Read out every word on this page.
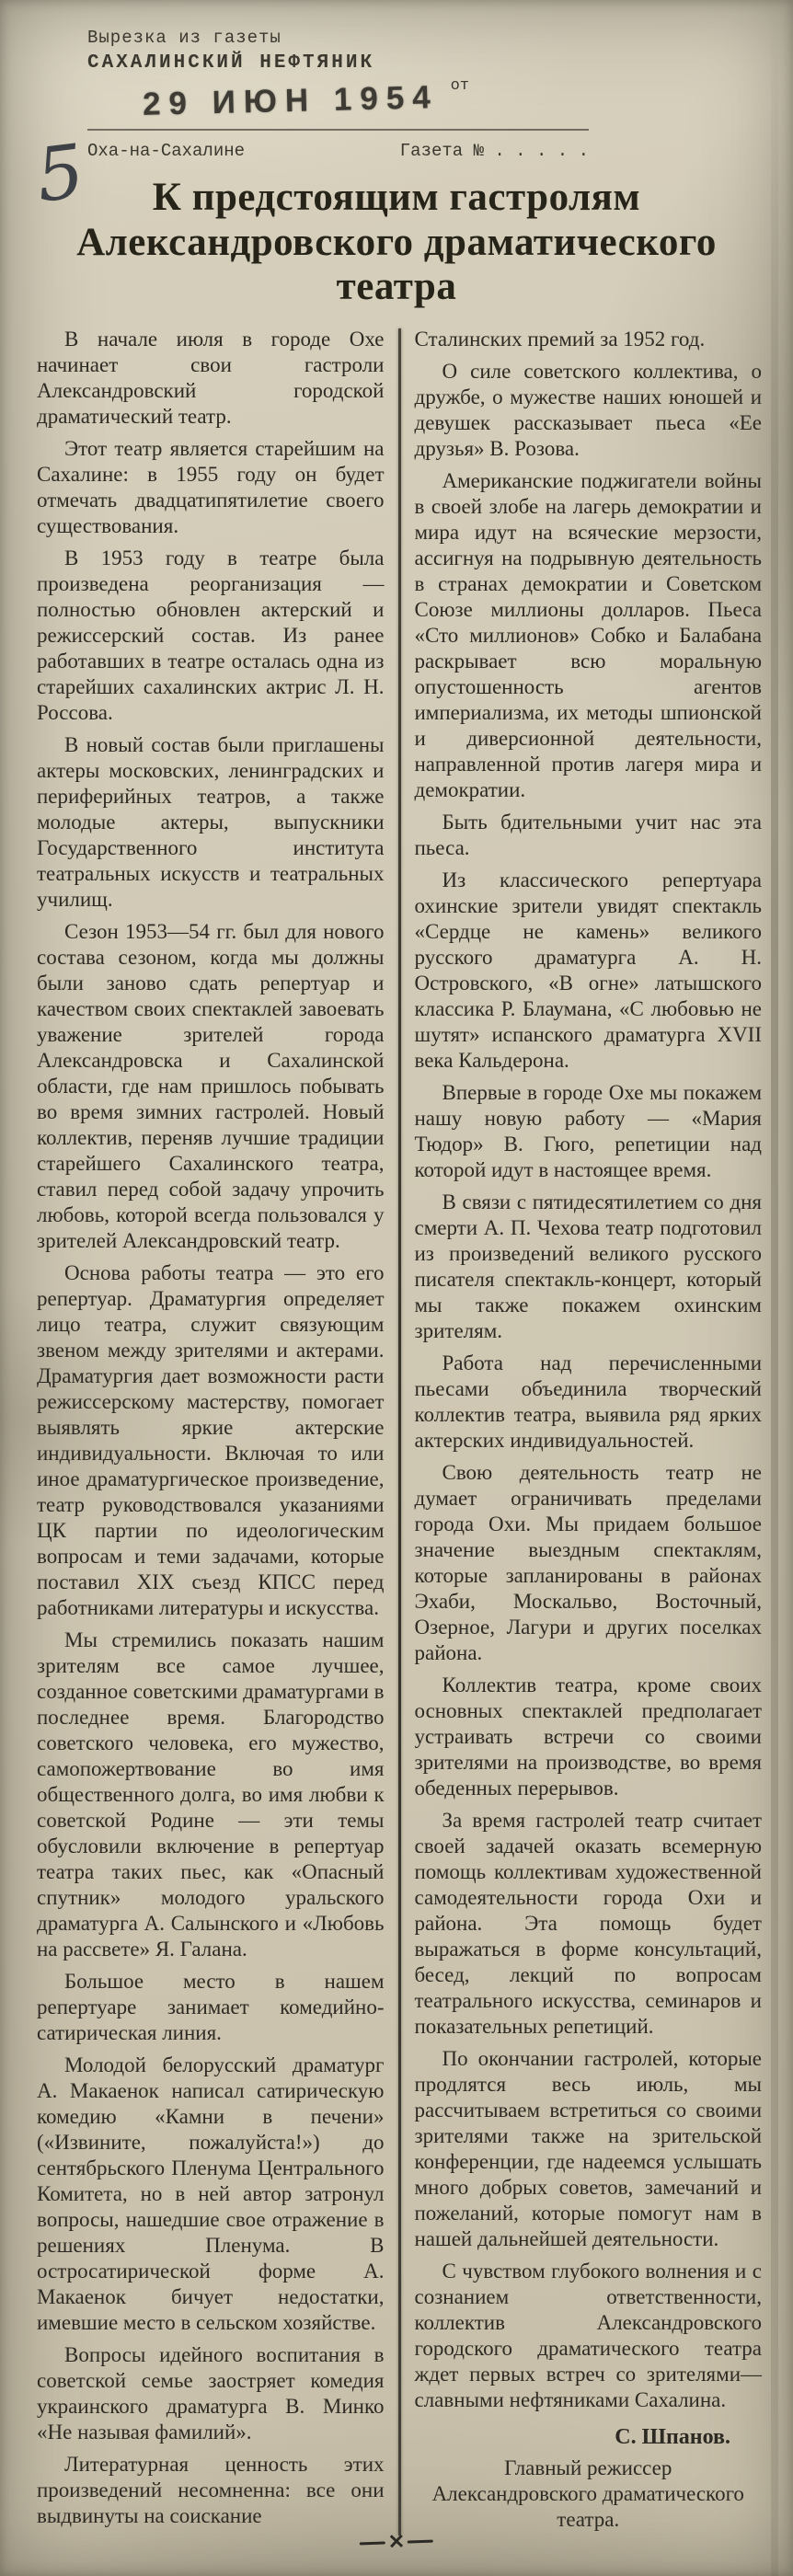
5
Вырезка из газеты
САХАЛИНСКИЙ НЕФТЯНИК
от
29 ИЮН 1954
Оха-на-Сахалине	Газета № . . . . .
К предстоящим гастролям
Александровского драматического
театра

В начале июля в городе Охе начинает свои гастроли Александровский городской драматический театр.

Этот театр является старейшим на Сахалине: в 1955 году он будет отмечать двадцатипятилетие своего существования.

В 1953 году в театре была произведена реорганизация — полностью обновлен актерский и режиссерский состав. Из ранее работавших в театре осталась одна из старейших сахалинских актрис Л. Н. Россова.

В новый состав были приглашены актеры московских, ленинградских и периферийных театров, а также молодые актеры, выпускники Государственного института театральных искусств и театральных училищ.

Сезон 1953—54 гг. был для нового состава сезоном, когда мы должны были заново сдать репертуар и качеством своих спектаклей завоевать уважение зрителей города Александровска и Сахалинской области, где нам пришлось побывать во время зимних гастролей. Новый коллектив, переняв лучшие традиции старейшего Сахалинского театра, ставил перед собой задачу упрочить любовь, которой всегда пользовался у зрителей Александровский театр.

Основа работы театра — это его репертуар. Драматургия определяет лицо театра, служит связующим звеном между зрителями и актерами. Драматургия дает возможности расти режиссерскому мастерству, помогает выявлять яркие актерские индивидуальности. Включая то или иное драматургическое произведение, театр руководствовался указаниями ЦК партии по идеологическим вопросам и теми задачами, которые поставил XIX съезд КПСС перед работниками литературы и искусства.

Мы стремились показать нашим зрителям все самое лучшее, созданное советскими драматургами в последнее время. Благородство советского человека, его мужество, самопожертвование во имя общественного долга, во имя любви к советской Родине — эти темы обусловили включение в репертуар театра таких пьес, как «Опасный спутник» молодого уральского драматурга А. Салынского и «Любовь на рассвете» Я. Галана.

Большое место в нашем репертуаре занимает комедийно-сатирическая линия.

Молодой белорусский драматург А. Макаенок написал сатирическую комедию «Камни в печени» («Извините, пожалуйста!») до сентябрьского Пленума Центрального Комитета, но в ней автор затронул вопросы, нашедшие свое отражение в решениях Пленума. В остросатирической форме А. Макаенок бичует недостатки, имевшие место в сельском хозяйстве.

Вопросы идейного воспитания в советской семье заостряет комедия украинского драматурга В. Минко «Не называя фамилий».

Литературная ценность этих произведений несомненна: все они выдвинуты на соискание

Сталинских премий за 1952 год.

О силе советского коллектива, о дружбе, о мужестве наших юношей и девушек рассказывает пьеса «Ее друзья» В. Розова.

Американские поджигатели войны в своей злобе на лагерь демократии и мира идут на всяческие мерзости, ассигнуя на подрывную деятельность в странах демократии и Советском Союзе миллионы долларов. Пьеса «Сто миллионов» Собко и Балабана раскрывает всю моральную опустошенность агентов империализма, их методы шпионской и диверсионной деятельности, направленной против лагеря мира и демократии.

Быть бдительными учит нас эта пьеса.

Из классического репертуара охинские зрители увидят спектакль «Сердце не камень» великого русского драматурга А. Н. Островского, «В огне» латышского классика Р. Блаумана, «С любовью не шутят» испанского драматурга XVII века Кальдерона.

Впервые в городе Охе мы покажем нашу новую работу — «Мария Тюдор» В. Гюго, репетиции над которой идут в настоящее время.

В связи с пятидесятилетием со дня смерти А. П. Чехова театр подготовил из произведений великого русского писателя спектакль-концерт, который мы также покажем охинским зрителям.

Работа над перечисленными пьесами объединила творческий коллектив театра, выявила ряд ярких актерских индивидуальностей.

Свою деятельность театр не думает ограничивать пределами города Охи. Мы придаем большое значение выездным спектаклям, которые запланированы в районах Эхаби, Москальво, Восточный, Озерное, Лагури и других поселках района.

Коллектив театра, кроме своих основных спектаклей предполагает устраивать встречи со своими зрителями на производстве, во время обеденных перерывов.

За время гастролей театр считает своей задачей оказать всемерную помощь коллективам художественной самодеятельности города Охи и района. Эта помощь будет выражаться в форме консультаций, бесед, лекций по вопросам театрального искусства, семинаров и показательных репетиций.

По окончании гастролей, которые продлятся весь июль, мы рассчитываем встретиться со своими зрителями также на зрительской конференции, где надеемся услышать много добрых советов, замечаний и пожеланий, которые помогут нам в нашей дальнейшей деятельности.

С чувством глубокого волнения и с сознанием ответственности, коллектив Александровского городского драматического театра ждет первых встреч со зрителями—славными нефтяниками Сахалина.

С. Шпанов.
Главный режиссер Александровского драматического театра.
✕
